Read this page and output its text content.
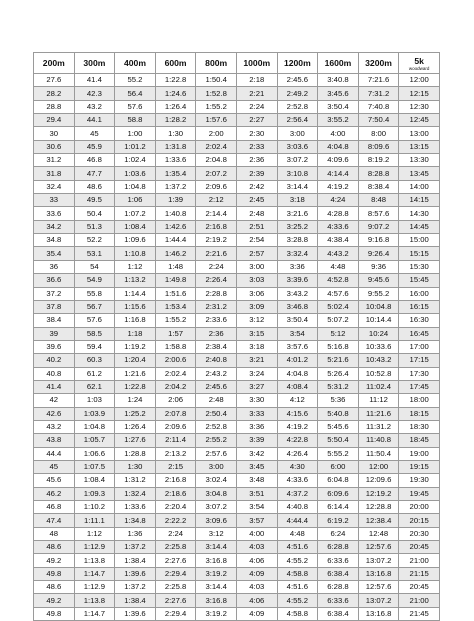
200m	300m	400m	600m	800m	1000m	1200m	1600m	3200m	5k
woodward

27.6	41.4	55.2	1:22.8	1:50.4	2:18	2:45.6	3:40.8	7:21.6	12:00
28.2	42.3	56.4	1:24.6	1:52.8	2:21	2:49.2	3:45.6	7:31.2	12:15
28.8	43.2	57.6	1:26.4	1:55.2	2:24	2:52.8	3:50.4	7:40.8	12:30
29.4	44.1	58.8	1:28.2	1:57.6	2:27	2:56.4	3:55.2	7:50.4	12:45
30	45	1:00	1:30	2:00	2:30	3:00	4:00	8:00	13:00
30.6	45.9	1:01.2	1:31.8	2:02.4	2:33	3:03.6	4:04.8	8:09.6	13:15
31.2	46.8	1:02.4	1:33.6	2:04.8	2:36	3:07.2	4:09.6	8:19.2	13:30
31.8	47.7	1:03.6	1:35.4	2:07.2	2:39	3:10.8	4:14.4	8:28.8	13:45
32.4	48.6	1:04.8	1:37.2	2:09.6	2:42	3:14.4	4:19.2	8:38.4	14:00
33	49.5	1:06	1:39	2:12	2:45	3:18	4:24	8:48	14:15
33.6	50.4	1:07.2	1:40.8	2:14.4	2:48	3:21.6	4:28.8	8:57.6	14:30
34.2	51.3	1:08.4	1:42.6	2:16.8	2:51	3:25.2	4:33.6	9:07.2	14:45
34.8	52.2	1:09.6	1:44.4	2:19.2	2:54	3:28.8	4:38.4	9:16.8	15:00
35.4	53.1	1:10.8	1:46.2	2:21.6	2:57	3:32.4	4:43.2	9:26.4	15:15
36	54	1:12	1:48	2:24	3:00	3:36	4:48	9:36	15:30
36.6	54.9	1:13.2	1:49.8	2:26.4	3:03	3:39.6	4:52.8	9:45.6	15:45
37.2	55.8	1:14.4	1:51.6	2:28.8	3:06	3:43.2	4:57.6	9:55.2	16:00
37.8	56.7	1:15.6	1:53.4	2:31.2	3:09	3:46.8	5:02.4	10:04.8	16:15
38.4	57.6	1:16.8	1:55.2	2:33.6	3:12	3:50.4	5:07.2	10:14.4	16:30
39	58.5	1:18	1:57	2:36	3:15	3:54	5:12	10:24	16:45
39.6	59.4	1:19.2	1:58.8	2:38.4	3:18	3:57.6	5:16.8	10:33.6	17:00
40.2	60.3	1:20.4	2:00.6	2:40.8	3:21	4:01.2	5:21.6	10:43.2	17:15
40.8	61.2	1:21.6	2:02.4	2:43.2	3:24	4:04.8	5:26.4	10:52.8	17:30
41.4	62.1	1:22.8	2:04.2	2:45.6	3:27	4:08.4	5:31.2	11:02.4	17:45
42	1:03	1:24	2:06	2:48	3:30	4:12	5:36	11:12	18:00
42.6	1:03.9	1:25.2	2:07.8	2:50.4	3:33	4:15.6	5:40.8	11:21.6	18:15
43.2	1:04.8	1:26.4	2:09.6	2:52.8	3:36	4:19.2	5:45.6	11:31.2	18:30
43.8	1:05.7	1:27.6	2:11.4	2:55.2	3:39	4:22.8	5:50.4	11:40.8	18:45
44.4	1:06.6	1:28.8	2:13.2	2:57.6	3:42	4:26.4	5:55.2	11:50.4	19:00
45	1:07.5	1:30	2:15	3:00	3:45	4:30	6:00	12:00	19:15
45.6	1:08.4	1:31.2	2:16.8	3:02.4	3:48	4:33.6	6:04.8	12:09.6	19:30
46.2	1:09.3	1:32.4	2:18.6	3:04.8	3:51	4:37.2	6:09.6	12:19.2	19:45
46.8	1:10.2	1:33.6	2:20.4	3:07.2	3:54	4:40.8	6:14.4	12:28.8	20:00
47.4	1:11.1	1:34.8	2:22.2	3:09.6	3:57	4:44.4	6:19.2	12:38.4	20:15
48	1:12	1:36	2:24	3:12	4:00	4:48	6:24	12:48	20:30
48.6	1:12.9	1:37.2	2:25.8	3:14.4	4:03	4:51.6	6:28.8	12:57.6	20:45
49.2	1:13.8	1:38.4	2:27.6	3:16.8	4:06	4:55.2	6:33.6	13:07.2	21:00
49.8	1:14.7	1:39.6	2:29.4	3:19.2	4:09	4:58.8	6:38.4	13:16.8	21:15
48.6	1:12.9	1:37.2	2:25.8	3:14.4	4:03	4:51.6	6:28.8	12:57.6	20:45
49.2	1:13.8	1:38.4	2:27.6	3:16.8	4:06	4:55.2	6:33.6	13:07.2	21:00
49.8	1:14.7	1:39.6	2:29.4	3:19.2	4:09	4:58.8	6:38.4	13:16.8	21:45
